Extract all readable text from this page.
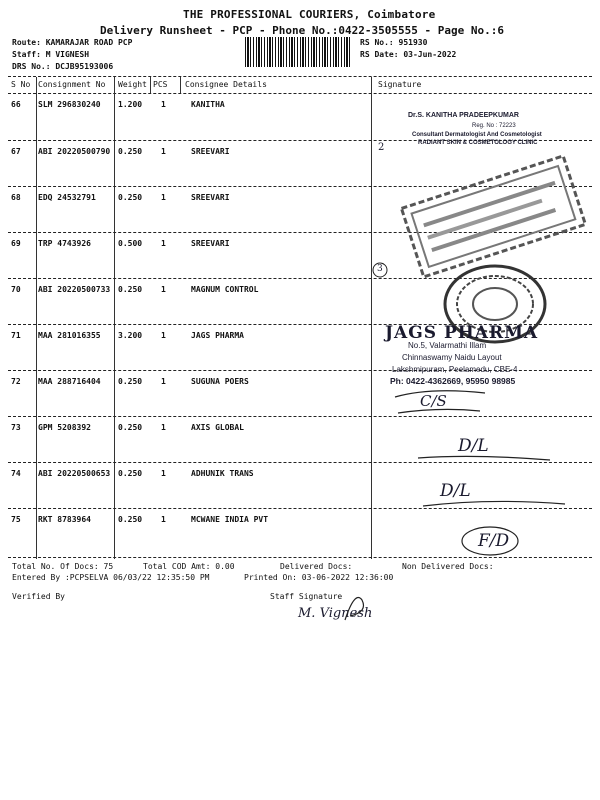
THE PROFESSIONAL COURIERS, Coimbatore
Delivery Runsheet - PCP - Phone No.:0422-3505555 - Page No.:6
Route: KAMARAJAR ROAD PCP
Staff: M VIGNESH
DRS No.: DCJB95193006
RS No.: 951930
RS Date: 03-Jun-2022
S No Consignment No Weight PCS Consignee Details	Signature
66 SLM 296830240 1.200 1	KANITHA
67 ABI 20220500790 0.250 1	SREEVARI
68 EDQ 24532791	0.250 1	SREEVARI
69 TRP 4743926	0.500 1	SREEVARI
70 ABI 20220500733 0.250 1	MAGNUM CONTROL
71 MAA 281016355 3.200 1	JAGS PHARMA
72 MAA 288716404 0.250 1	SUGUNA POERS
73 GPM 5208392	0.250 1	AXIS GLOBAL
74 ABI 20220500653 0.250 1	ADHUNIK TRANS
75 RKT 8783964	0.250 1	MCWANE INDIA PVT
Total No. Of Docs: 75	Total COD Amt: 0.00	Delivered Docs:	Non Delivered Docs:
Entered By :PCPSELVA 06/03/22 12:35:50 PM	Printed On: 03-06-2022 12:36:00
Verified By	Staff Signature
Dr.S. KANITHA PRADEEPKUMAR
Reg. No : 72223
Consultant Dermatologist And Cosmetologist
RADIANT SKIN & COSMETOLOGY CLINIC
2
3
JAGS PHARMA
No.5, Valarmathi Illam
Chinnaswamy Naidu Layout
Lakshmipuram, Peelamedu, CBE-4
Ph: 0422-4362669, 95950 98985
C/S
D/L
D/L
F/D
M. Vignesh
